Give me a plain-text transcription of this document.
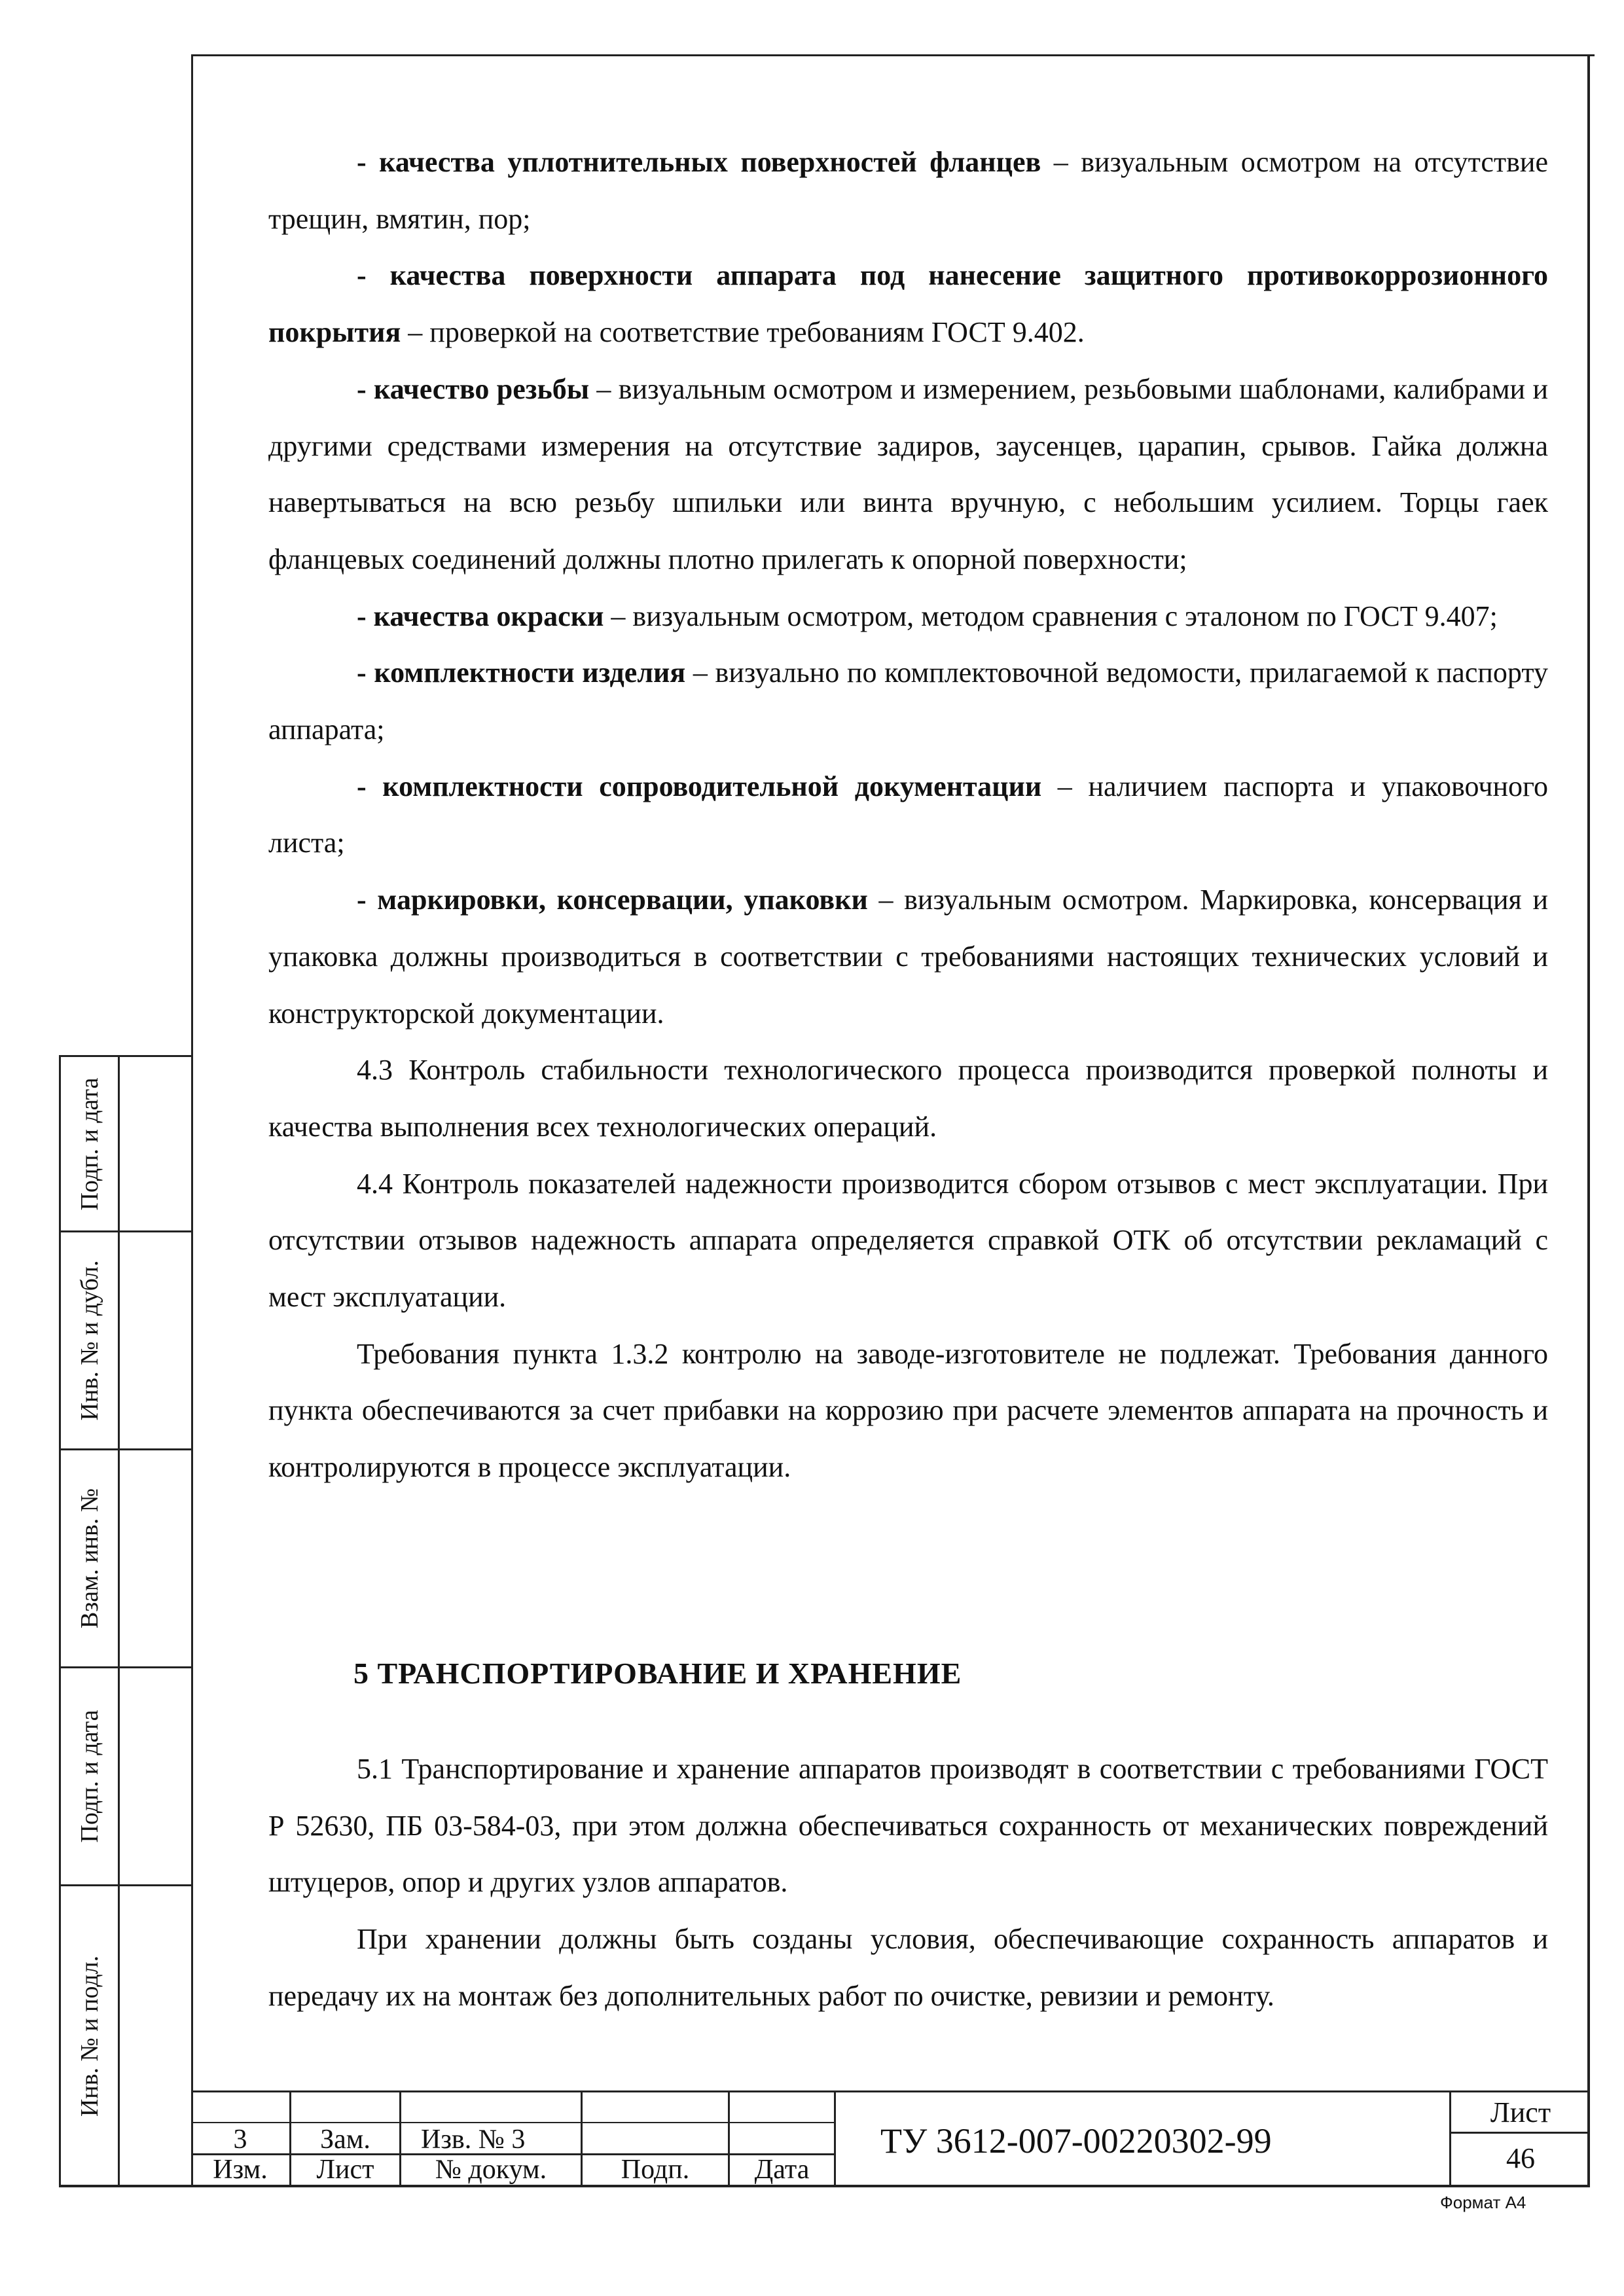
Подп. и дата
Инв. № и дубл.
Взам. инв. №
Подп. и дата
Инв. № и подл.

- качества уплотнительных поверхностей фланцев – визуальным осмотром на отсутствие трещин, вмятин, пор;

- качества поверхности аппарата под нанесение защитного противокоррозионного покрытия – проверкой на соответствие требованиям ГОСТ 9.402.

- качество резьбы – визуальным осмотром и измерением, резьбовыми шаблонами, калибрами и другими средствами измерения на отсутствие задиров, заусенцев, царапин, срывов. Гайка должна навертываться на всю резьбу шпильки или винта вручную, с небольшим усилием. Торцы гаек фланцевых соединений должны плотно прилегать к опорной поверхности;

- качества окраски – визуальным осмотром, методом сравнения с эталоном по ГОСТ 9.407;

- комплектности изделия – визуально по комплектовочной ведомости, прилагаемой к паспорту аппарата;

- комплектности сопроводительной документации – наличием паспорта и упаковочного листа;

- маркировки, консервации, упаковки – визуальным осмотром. Маркировка, консервация и упаковка должны производиться в соответствии с требованиями настоящих технических условий и конструкторской документации.

4.3 Контроль стабильности технологического процесса производится проверкой полноты и качества выполнения всех технологических операций.

4.4 Контроль показателей надежности производится сбором отзывов с мест эксплуатации. При отсутствии отзывов надежность аппарата определяется справкой ОТК об отсутствии рекламаций с мест эксплуатации.

Требования пункта 1.3.2 контролю на заводе-изготовителе не подлежат. Требования данного пункта обеспечиваются за счет прибавки на коррозию при расчете элементов аппарата на прочность и контролируются в процессе эксплуатации.

5 ТРАНСПОРТИРОВАНИЕ И ХРАНЕНИЕ

5.1 Транспортирование и хранение аппаратов производят в соответствии с требованиями ГОСТ Р 52630, ПБ 03-584-03, при этом должна обеспечиваться сохранность от механических повреждений штуцеров, опор и других узлов аппаратов.

При хранении должны быть созданы условия, обеспечивающие сохранность аппаратов и передачу их на монтаж без дополнительных работ по очистке, ревизии и ремонту.

3	Зам.	Изв. № 3
Изм.	Лист	№ докум.	Подп.	Дата
Лист
46
ТУ 3612-007-00220302-99
Формат А4
